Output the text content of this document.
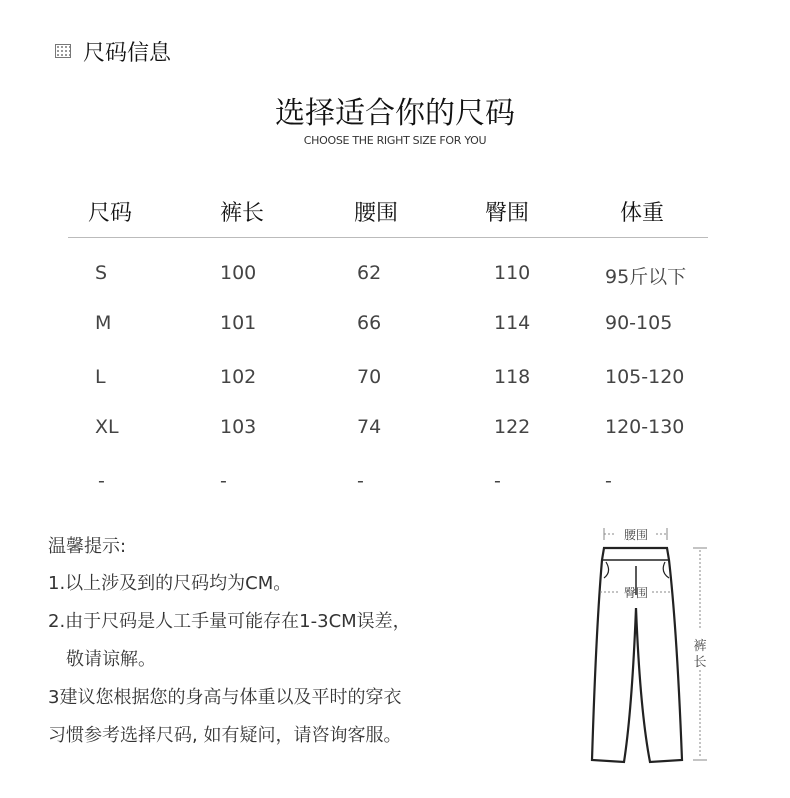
尺码信息
选择适合你的尺码
CHOOSE THE RIGHT SIZE FOR YOU
尺码	裤长	腰围	臀围	体重
S	100	62	110	95斤以下
M	101	66	114	90-105
L	102	70	118	105-120
XL	103	74	122	120-130
-	-	-	-	-
温馨提示:
1.以上涉及到的尺码均为CM。
2.由于尺码是人工手量可能存在1-3CM误差，
敬请谅解。
3建议您根据您的身高与体重以及平时的穿衣
习惯参考选择尺码, 如有疑问，请咨询客服。
腰围
臀围
裤
长
